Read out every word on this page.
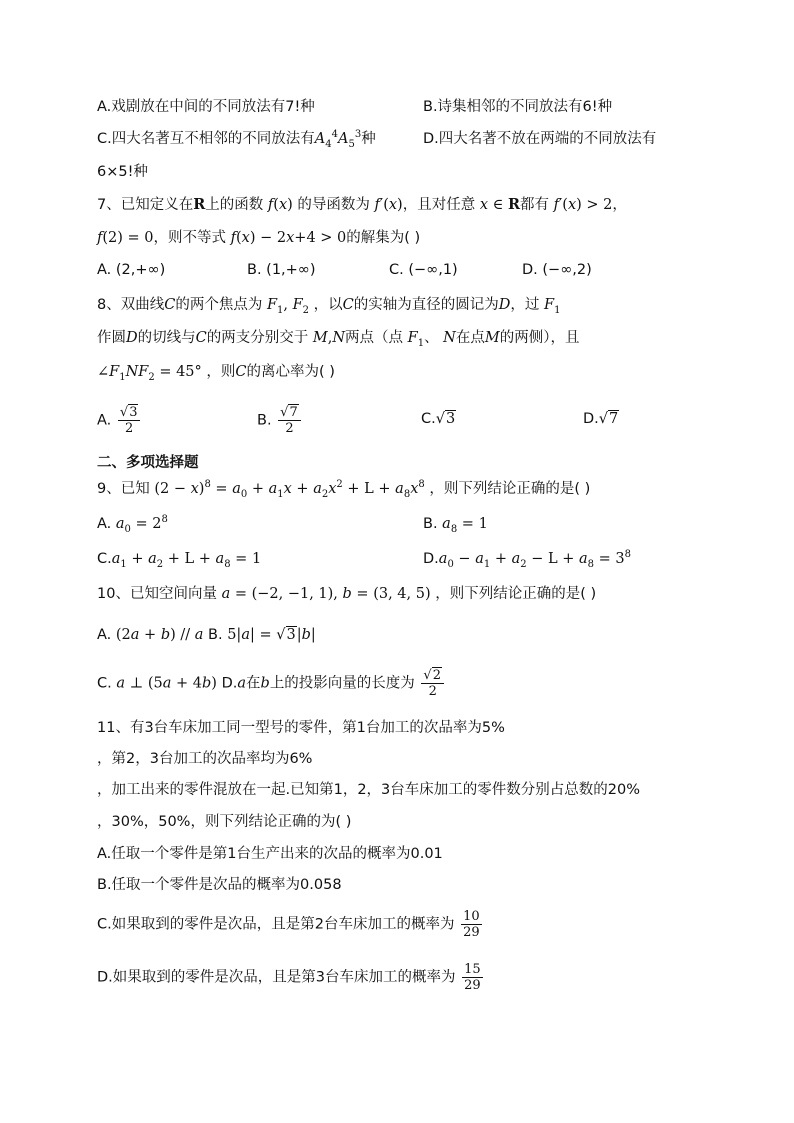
A.戏剧放在中间的不同放法有7!种	B.诗集相邻的不同放法有6!种
C.四大名著互不相邻的不同放法有$A_4^4A_5^3$种	D.四大名著不放在两端的不同放法有
6×5!种
7、已知定义在R上的函数 f(x) 的导函数为 f′(x)，且对任意 x ∈ R都有 f′(x) > 2，
f(2) = 0，则不等式 f(x) − 2x+4 > 0的解集为( )
A. (2,+∞)	B. (1,+∞)	C. (−∞,1)	D. (−∞,2)
8、双曲线C的两个焦点为 $F_1$, $F_2$ ，以C的实轴为直径的圆记为D，过 $F_1$
作圆D的切线与C的两支分别交于 M,N两点（点 $F_1$、 N在点M的两侧），且
$\angle F_1NF_2 = 45^\circ$ ，则C的离心率为( )
A. $\frac{√3}{2}$	B. $\frac{√7}{2}$	C.√3	D.√7
二、多项选择题
9、已知 $(2 - x)^8 = a_0 + a_1x + a_2x^2 + L + a_8x^8$ ，则下列结论正确的是( )
A. $a_0 = 2^8$	B. $a_8 = 1$
$C.a_1 + a_2 + L + a_8 = 1$	$D.a_0 - a_1 + a_2 - L + a_8 = 3^8$
10、已知空间向量 a = (−2, −1, 1), b = (3, 4, 5) ，则下列结论正确的是( )
A. (2a + b) // a B. 5|a| = √3|b|
C. a ⊥ (5a + 4b) D.a在b上的投影向量的长度为 $\frac{√2}{2}$
11、有3台车床加工同一型号的零件，第1台加工的次品率为5%
，第2，3台加工的次品率均为6%
，加工出来的零件混放在一起.已知第1，2，3台车床加工的零件数分别占总数的20%
，30%，50%，则下列结论正确的为( )
A.任取一个零件是第1台生产出来的次品的概率为0.01
B.任取一个零件是次品的概率为0.058
C.如果取到的零件是次品，且是第2台车床加工的概率为 $\frac{10}{29}$
D.如果取到的零件是次品，且是第3台车床加工的概率为 $\frac{15}{29}$
